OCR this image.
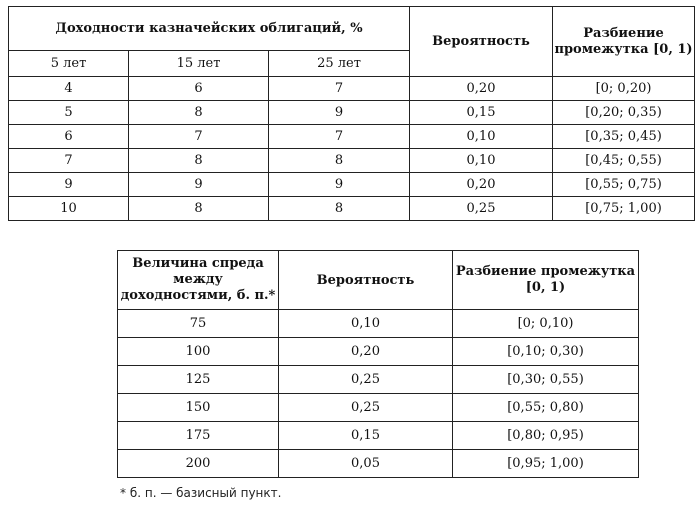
Доходности казначейских облигаций, %			Вероятность	Разбиение промежутка [0, 1)
5 лет	15 лет	25 лет		
4	6	7	0,20	[0; 0,20)
5	8	9	0,15	[0,20; 0,35)
6	7	7	0,10	[0,35; 0,45)
7	8	8	0,10	[0,45; 0,55)
9	9	9	0,20	[0,55; 0,75)
10	8	8	0,25	[0,75; 1,00)
Величина спреда между доходностями, б. п.*	Вероятность	Разбиение промежутка [0, 1)
75	0,10	[0; 0,10)
100	0,20	[0,10; 0,30)
125	0,25	[0,30; 0,55)
150	0,25	[0,55; 0,80)
175	0,15	[0,80; 0,95)
200	0,05	[0,95; 1,00)
* б. п. — базисный пункт.
